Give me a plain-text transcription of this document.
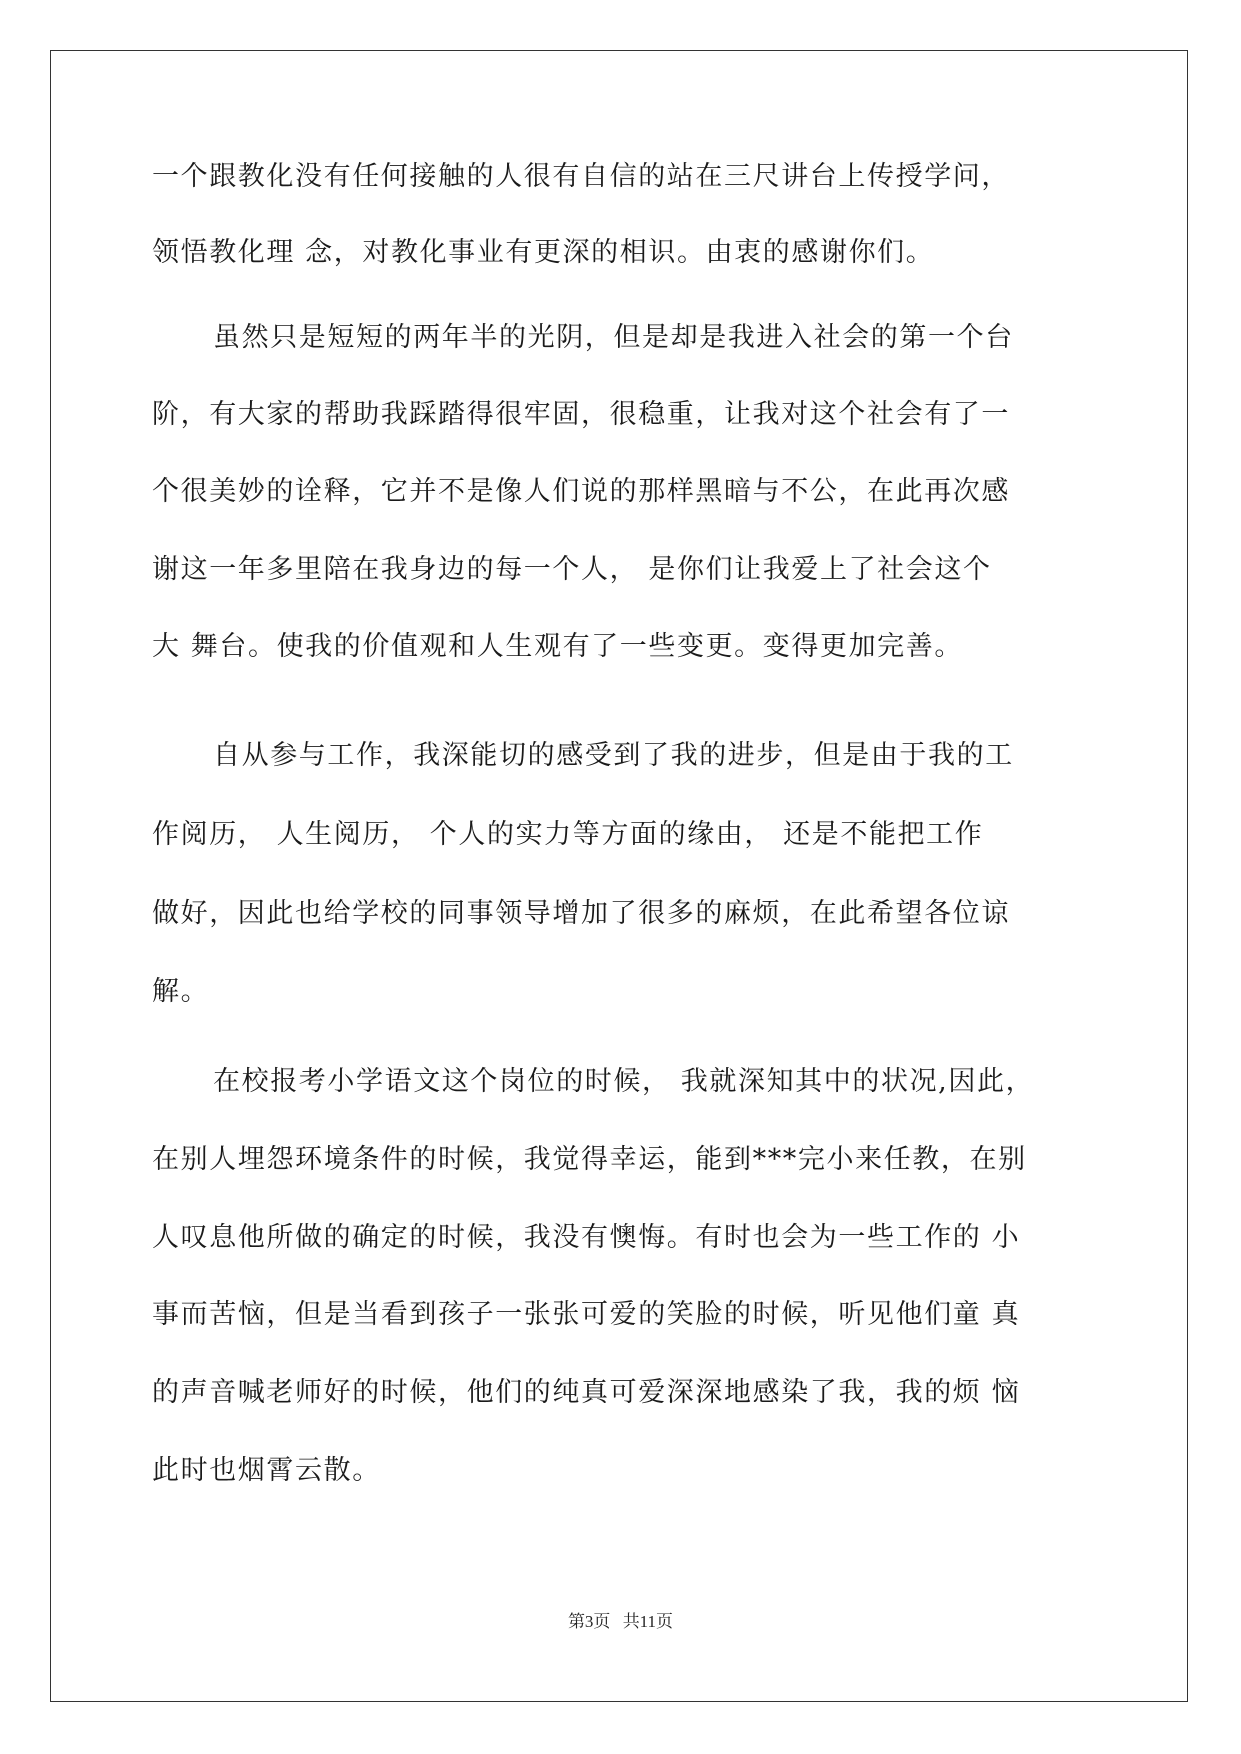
一个跟教化没有任何接触的人很有自信的站在三尺讲台上传授学问，
领悟教化理 念，对教化事业有更深的相识。由衷的感谢你们。
虽然只是短短的两年半的光阴，但是却是我进入社会的第一个台
阶，有大家的帮助我踩踏得很牢固，很稳重，让我对这个社会有了一
个很美妙的诠释，它并不是像人们说的那样黑暗与不公，在此再次感
谢这一年多里陪在我身边的每一个人， 是你们让我爱上了社会这个
大 舞台。使我的价值观和人生观有了一些变更。变得更加完善。
自从参与工作，我深能切的感受到了我的进步，但是由于我的工
作阅历， 人生阅历， 个人的实力等方面的缘由， 还是不能把工作
做好，因此也给学校的同事领导增加了很多的麻烦，在此希望各位谅
解。
在校报考小学语文这个岗位的时候， 我就深知其中的状况,因此，
在别人埋怨环境条件的时候，我觉得幸运，能到***完小来任教，在别
人叹息他所做的确定的时候，我没有懊悔。有时也会为一些工作的 小
事而苦恼，但是当看到孩子一张张可爱的笑脸的时候，听见他们童 真
的声音喊老师好的时候，他们的纯真可爱深深地感染了我，我的烦 恼
此时也烟霄云散。
第3页 共11页
